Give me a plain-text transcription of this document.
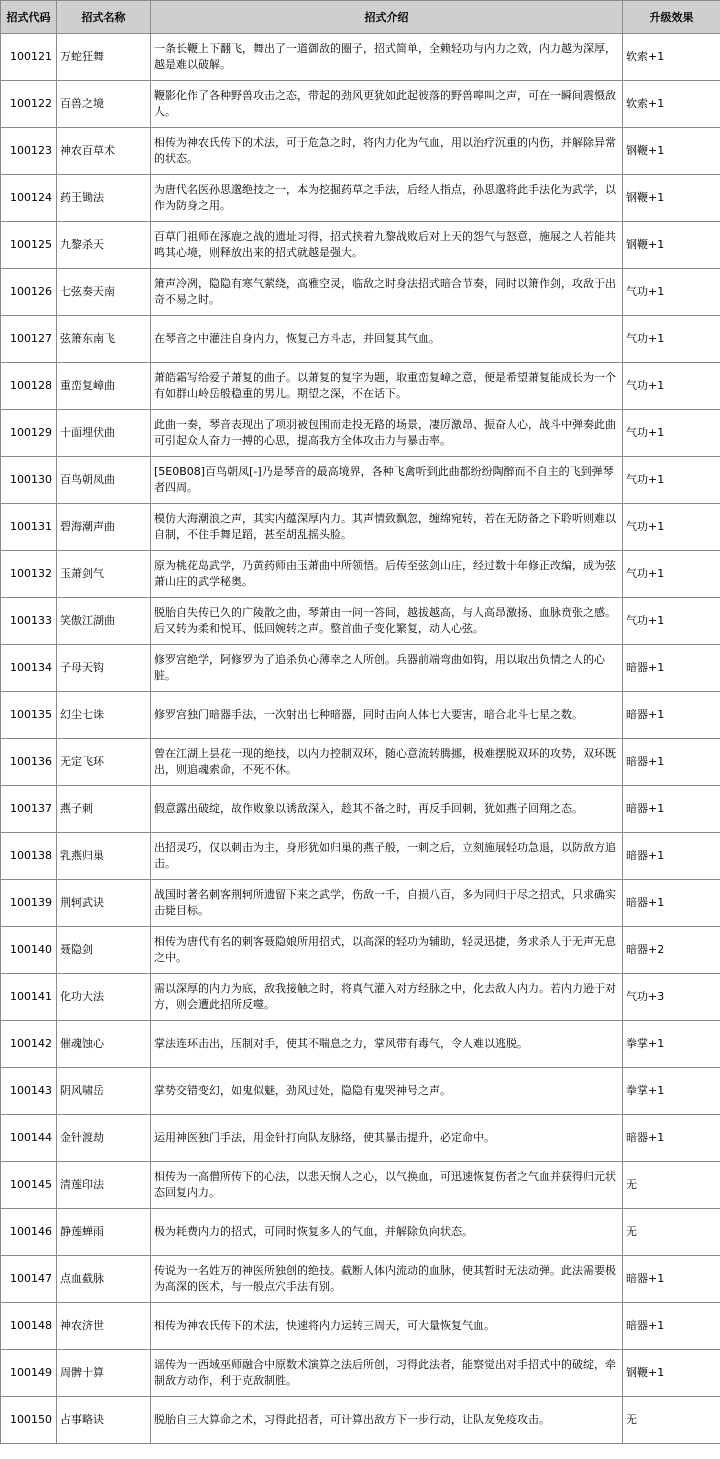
招式代码	招式名称	招式介绍	升级效果
100121	万蛇狂舞	一条长鞭上下翻飞，舞出了一道御敌的圈子，招式简单，全赖轻功与内力之效，内力越为深厚，越是难以破解。	软索+1
100122	百兽之境	鞭影化作了各种野兽攻击之态，带起的劲风更犹如此起彼落的野兽嗥叫之声，可在一瞬间震慑敌人。	软索+1
100123	神农百草术	相传为神农氏传下的术法，可于危急之时，将内力化为气血，用以治疗沉重的内伤，并解除异常的状态。	钢鞭+1
100124	药王锄法	为唐代名医孙思邈绝技之一，本为挖掘药草之手法，后经人指点，孙思邈将此手法化为武学，以作为防身之用。	钢鞭+1
100125	九黎杀天	百草门祖师在涿鹿之战的遗址习得，招式挟着九黎战败后对上天的怨气与怒意，施展之人若能共鸣其心境，则释放出来的招式就越是强大。	钢鞭+1
100126	七弦奏天南	箫声冷冽，隐隐有寒气萦绕，高雅空灵，临敌之时身法招式暗合节奏，同时以箫作剑，攻敌于出奇不易之时。	气功+1
100127	弦箫东南飞	在琴音之中灌注自身内力，恢复己方斗志，并回复其气血。	气功+1
100128	重峦复嶂曲	萧皓霜写给爱子萧复的曲子。以萧复的复字为题，取重峦复嶂之意，便是希望萧复能成长为一个有如群山岭岳般稳重的男儿。期望之深，不在话下。	气功+1
100129	十面埋伏曲	此曲一奏，琴音表现出了项羽被包围而走投无路的场景，凄厉激昂、振奋人心，战斗中弹奏此曲可引起众人奋力一搏的心思，提高我方全体攻击力与暴击率。	气功+1
100130	百鸟朝凤曲	[5E0B08]百鸟朝凤[-]乃是琴音的最高境界，各种飞禽听到此曲都纷纷陶醉而不自主的飞到弹琴者四周。	气功+1
100131	碧海潮声曲	模仿大海潮浪之声，其实内蕴深厚内力。其声情致飘忽，缠绵宛转，若在无防备之下聆听则难以自制，不住手舞足蹈，甚至胡乱摇头脸。	气功+1
100132	玉萧剑气	原为桃花岛武学，乃黄药师由玉萧曲中所领悟。后传至弦剑山庄，经过数十年修正改编，成为弦萧山庄的武学秘奥。	气功+1
100133	笑傲江湖曲	脱胎自失传已久的广陵散之曲，琴萧由一问一答间，越拔越高，与人高昂激扬、血脉贲张之感。后又转为柔和悦耳、低回婉转之声。整首曲子变化繁复，动人心弦。	气功+1
100134	子母天钩	修罗宫绝学，阿修罗为了追杀负心薄幸之人所创。兵器前端弯曲如钩，用以取出负情之人的心脏。	暗器+1
100135	幻尘七诛	修罗宫独门暗器手法，一次射出七种暗器，同时击向人体七大要害，暗合北斗七星之数。	暗器+1
100136	无定飞环	曾在江湖上昙花一现的绝技，以内力控制双环，随心意流转腾挪，极难摆脱双环的攻势，双环既出，则追魂索命，不死不休。	暗器+1
100137	燕子刺	假意露出破绽，故作败象以诱敌深入，趁其不备之时，再反手回刺，犹如燕子回翔之态。	暗器+1
100138	乳燕归巢	出招灵巧，仅以刺击为主，身形犹如归巢的燕子般，一刺之后，立刻施展轻功急退，以防敌方追击。	暗器+1
100139	荆轲武诀	战国时著名刺客荆轲所遗留下来之武学，伤敌一千，自损八百，多为同归于尽之招式，只求确实击毙目标。	暗器+1
100140	聂隐剑	相传为唐代有名的刺客聂隐娘所用招式，以高深的轻功为辅助，轻灵迅捷，务求杀人于无声无息之中。	暗器+2
100141	化功大法	需以深厚的内力为底，敌我接触之时，将真气灌入对方经脉之中，化去敌人内力。若内力逊于对方，则会遭此招所反噬。	气功+3
100142	催魂蚀心	掌法连环击出，压制对手，使其不喘息之力，掌风带有毒气，令人难以逃脱。	拳掌+1
100143	阴风啸岳	掌势交错变幻，如鬼似魅，劲风过处，隐隐有鬼哭神号之声。	拳掌+1
100144	金针渡劫	运用神医独门手法，用金针打向队友脉络，使其暴击提升，必定命中。	暗器+1
100145	清莲印法	相传为一高僧所传下的心法，以悲天悯人之心，以气换血，可迅速恢复伤者之气血并获得归元状态回复内力。	无
100146	静莲蝉雨	极为耗费内力的招式，可同时恢复多人的气血，并解除负向状态。	无
100147	点血截脉	传说为一名姓万的神医所独创的绝技。截断人体内流动的血脉，使其暂时无法动弹。此法需要极为高深的医术，与一般点穴手法有别。	暗器+1
100148	神农济世	相传为神农氏传下的术法，快速将内力运转三周天，可大量恢复气血。	暗器+1
100149	周髀十算	谣传为一西域巫师融合中原数术演算之法后所创，习得此法者，能察觉出对手招式中的破绽，牵制敌方动作，利于克敌制胜。	钢鞭+1
100150	占事略诀	脱胎自三大算命之术，习得此招者，可计算出敌方下一步行动，让队友免疫攻击。	无
